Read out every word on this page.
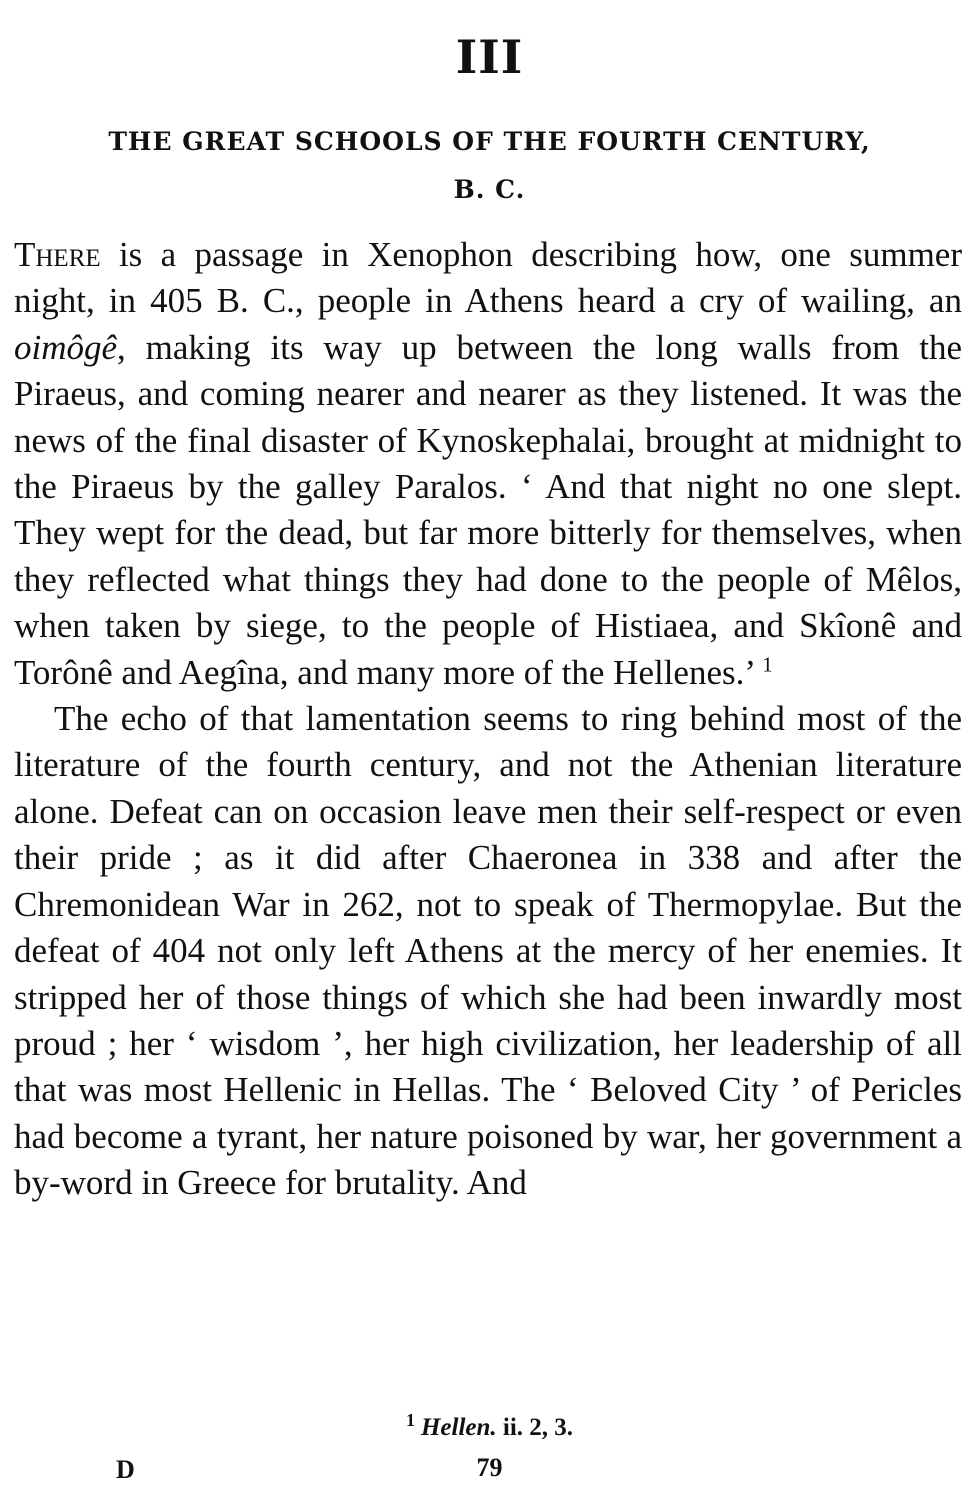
III
THE GREAT SCHOOLS OF THE FOURTH CENTURY,
B. C.

There is a passage in Xenophon describing how, one summer night, in 405 B. C., people in Athens heard a cry of wailing, an oimôgê, making its way up between the long walls from the Piraeus, and coming nearer and nearer as they listened. It was the news of the final disaster of Kynoskephalai, brought at midnight to the Piraeus by the galley Paralos. ‘ And that night no one slept. They wept for the dead, but far more bitterly for themselves, when they reflected what things they had done to the people of Mêlos, when taken by siege, to the people of Histiaea, and Skîonê and Torônê and Aegîna, and many more of the Hellenes.’ $^1$

The echo of that lamentation seems to ring behind most of the literature of the fourth century, and not the Athenian literature alone. Defeat can on occasion leave men their self-respect or even their pride ; as it did after Chaeronea in 338 and after the Chremonidean War in 262, not to speak of Thermopylae. But the defeat of 404 not only left Athens at the mercy of her enemies. It stripped her of those things of which she had been inwardly most proud ; her ‘ wisdom ’, her high civilization, her leadership of all that was most Hellenic in Hellas. The ‘ Beloved City ’ of Pericles had become a tyrant, her nature poisoned by war, her government a by-word in Greece for brutality. And

$^1$ Hellen. ii. 2, 3.
D	79
